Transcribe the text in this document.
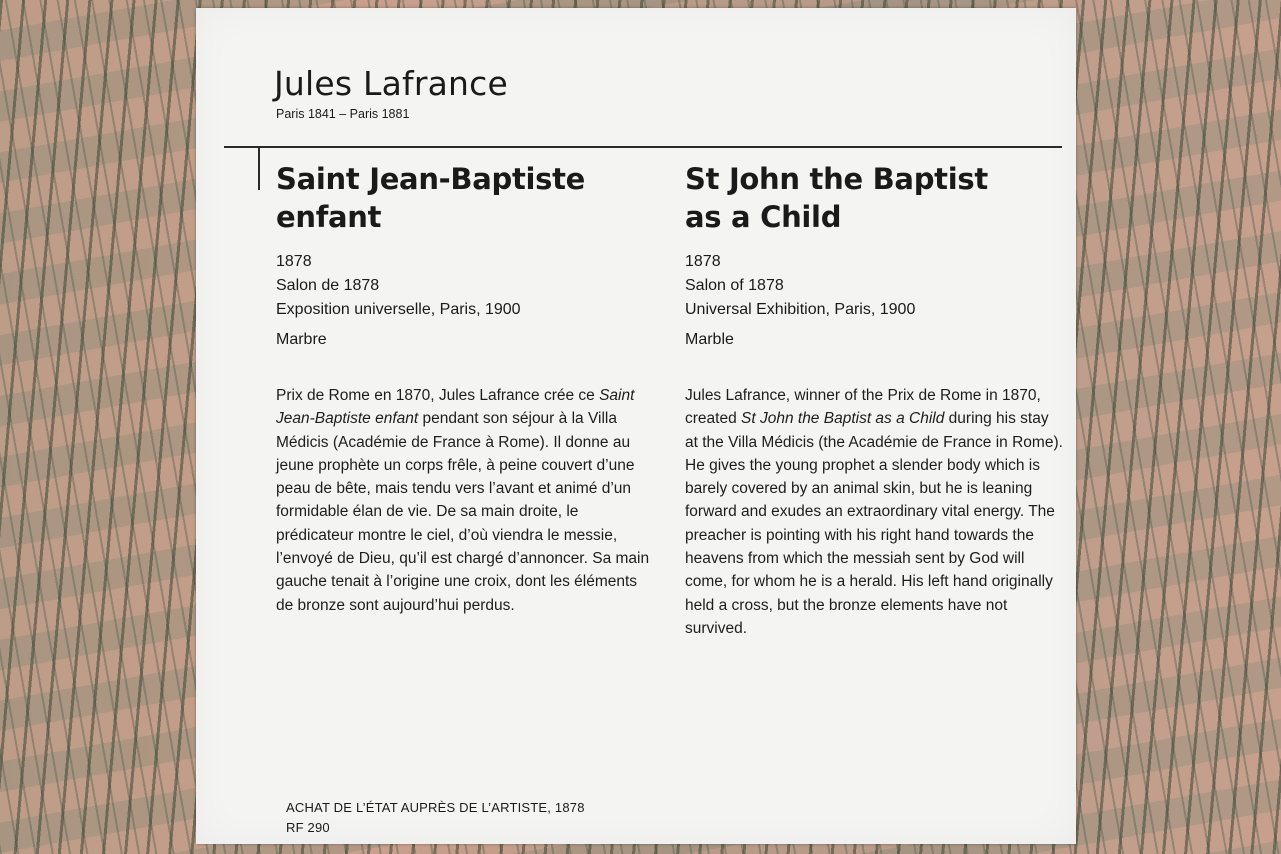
Jules Lafrance
Paris 1841 – Paris 1881
Saint Jean-Baptiste
enfant
1878
Salon de 1878
Exposition universelle, Paris, 1900
Marbre

Prix de Rome en 1870, Jules Lafrance crée ce Saint Jean-Baptiste enfant pendant son séjour à la Villa Médicis (Académie de France à Rome). Il donne au jeune prophète un corps frêle, à peine couvert d’une peau de bête, mais tendu vers l’avant et animé d’un formidable élan de vie. De sa main droite, le prédicateur montre le ciel, d’où viendra le messie, l’envoyé de Dieu, qu’il est chargé d’annoncer. Sa main gauche tenait à l’origine une croix, dont les éléments de bronze sont aujourd’hui perdus.

St John the Baptist
as a Child
1878
Salon of 1878
Universal Exhibition, Paris, 1900
Marble

Jules Lafrance, winner of the Prix de Rome in 1870, created St John the Baptist as a Child during his stay at the Villa Médicis (the Académie de France in Rome). He gives the young prophet a slender body which is barely covered by an animal skin, but he is leaning forward and exudes an extraordinary vital energy. The preacher is pointing with his right hand towards the heavens from which the messiah sent by God will come, for whom he is a herald. His left hand originally held a cross, but the bronze elements have not survived.

ACHAT DE L’ÉTAT AUPRÈS DE L’ARTISTE, 1878
RF 290
